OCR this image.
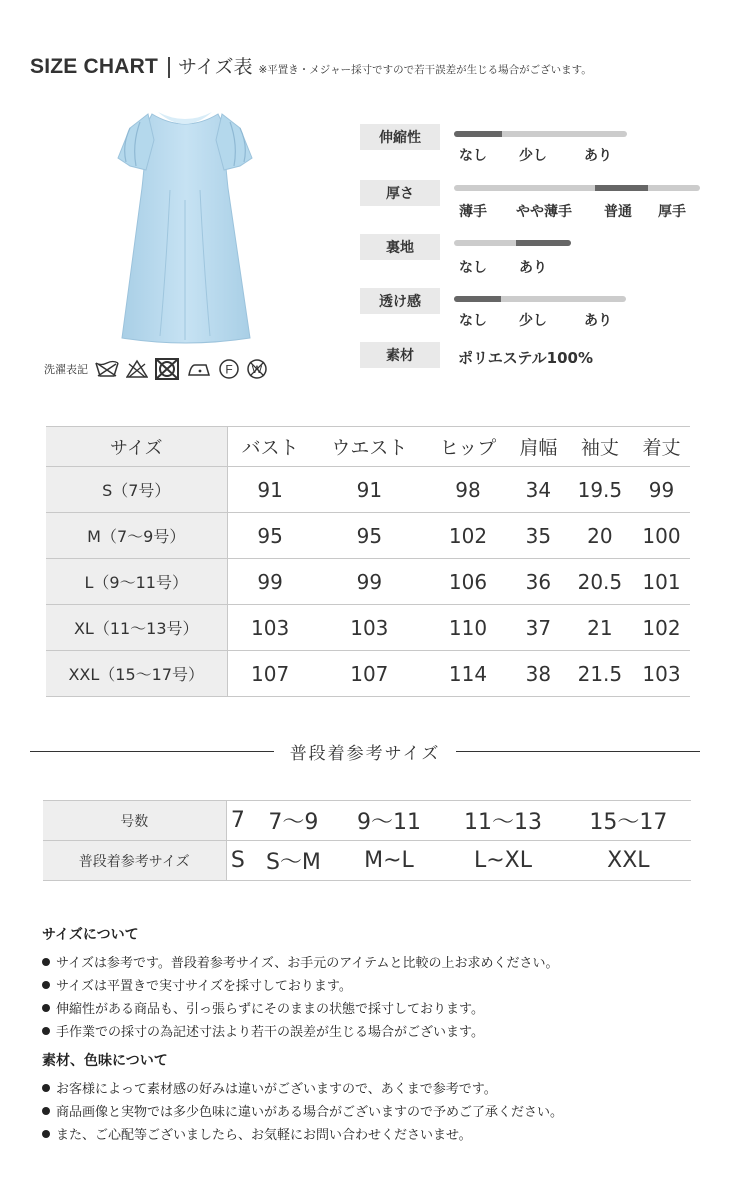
SIZE CHART サイズ表 ※平置き・メジャー採寸ですので若干誤差が生じる場合がございます。
洗濯表記	F W
伸縮性
なし 少し	あり
厚さ
薄手 やや薄手 普通 厚手
裏地
なし あり
透け感
なし 少し	あり
素材	ポリエステル100%
サイズ	バスト	ウエスト	ヒップ	肩幅	袖丈	着丈
S（7号）	91	91	98	34	19.5	99
M（7〜9号）	95	95	102	35	20	100
L（9〜11号）	99	99	106	36	20.5	101
XL（11〜13号）	103	103	110	37	21	102
XXL（15〜17号）	107	107	114	38	21.5	103
普段着参考サイズ
号数	7	7〜9	9〜11	11〜13	15〜17
普段着参考サイズ	S	S〜M	M~L	L~XL	XXL
サイズについて
サイズは参考です。普段着参考サイズ、お手元のアイテムと比較の上お求めください。
サイズは平置きで実寸サイズを採寸しております。
伸縮性がある商品も、引っ張らずにそのままの状態で採寸しております。
手作業での採寸の為記述寸法より若干の誤差が生じる場合がございます。
素材、色味について
お客様によって素材感の好みは違いがございますので、あくまで参考です。
商品画像と実物では多少色味に違いがある場合がございますので予めご了承ください。
また、ご心配等ございましたら、お気軽にお問い合わせくださいませ。
